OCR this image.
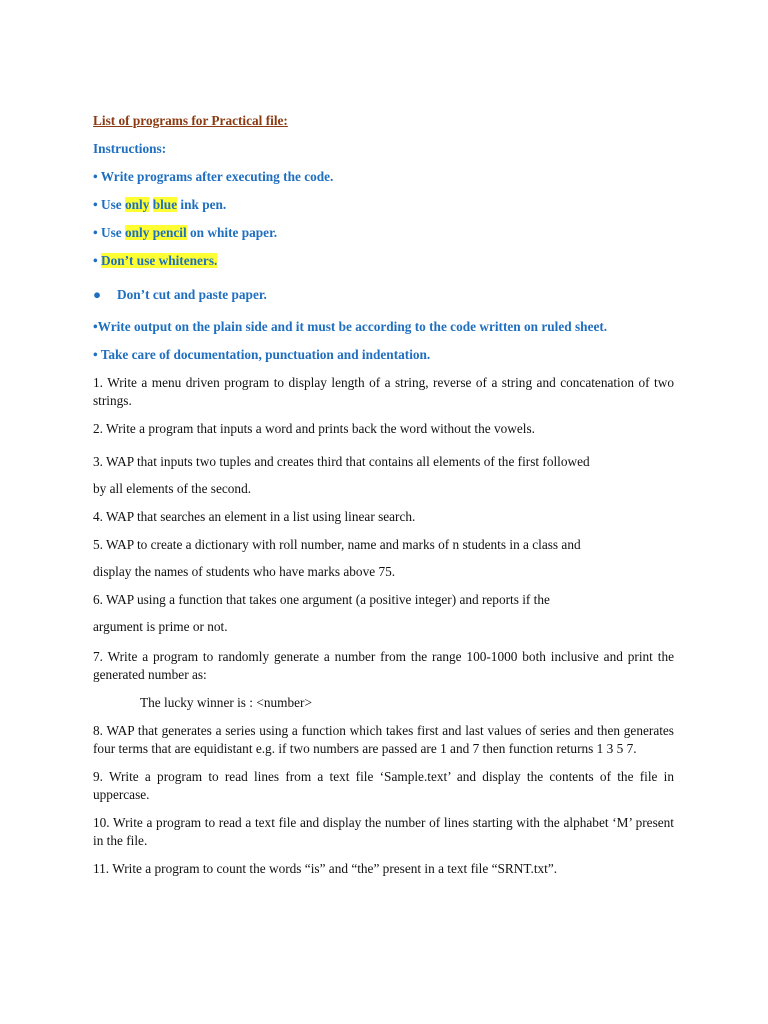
List of programs for Practical file:

Instructions:

• Write programs after executing the code.

• Use only blue ink pen.

• Use only pencil on white paper.

• Don’t use whiteners.

● Don’t cut and paste paper.

•Write output on the plain side and it must be according to the code written on ruled sheet.

• Take care of documentation, punctuation and indentation.

1. Write a menu driven program to display length of a string, reverse of a string and concatenation of two strings.

2. Write a program that inputs a word and prints back the word without the vowels.

3. WAP that inputs two tuples and creates third that contains all elements of the first followed
by all elements of the second.

4. WAP that searches an element in a list using linear search.

5. WAP to create a dictionary with roll number, name and marks of n students in a class and
display the names of students who have marks above 75.

6. WAP using a function that takes one argument (a positive integer) and reports if the
argument is prime or not.

7. Write a program to randomly generate a number from the range 100-1000 both inclusive and print the generated number as:

The lucky winner is : <number>

8. WAP that generates a series using a function which takes first and last values of series and then generates four terms that are equidistant e.g. if two numbers are passed are 1 and 7 then function returns 1 3 5 7.

9. Write a program to read lines from a text file ‘Sample.text’ and display the contents of the file in uppercase.

10. Write a program to read a text file and display the number of lines starting with the alphabet ‘M’ present in the file.

11. Write a program to count the words “is” and “the” present in a text file “SRNT.txt”.
